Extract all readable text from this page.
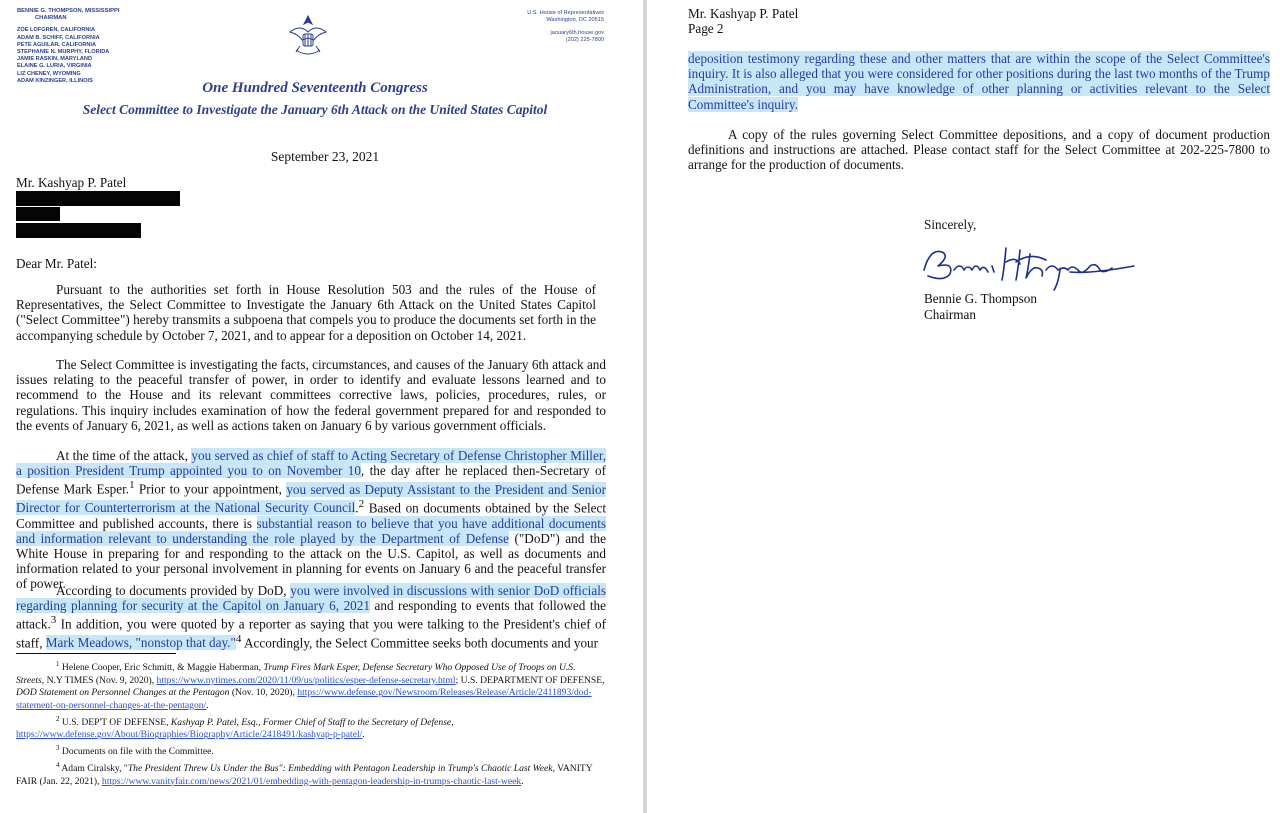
BENNIE G. THOMPSON, MISSISSIPPI
CHAIRMAN
ZOE LOFGREN, CALIFORNIA
ADAM B. SCHIFF, CALIFORNIA
PETE AGUILAR, CALIFORNIA
STEPHANIE N. MURPHY, FLORIDA
JAMIE RASKIN, MARYLAND
ELAINE G. LURIA, VIRGINIA
LIZ CHENEY, WYOMING
ADAM KINZINGER, ILLINOIS
U.S. House of Representatives
Washington, DC 20515
january6th.house.gov
(202) 225-7800
One Hundred Seventeenth Congress
Select Committee to Investigate the January 6th Attack on the United States Capitol
September 23, 2021
Mr. Kashyap P. Patel
Dear Mr. Patel:
Pursuant to the authorities set forth in House Resolution 503 and the rules of the House of Representatives, the Select Committee to Investigate the January 6th Attack on the United States Capitol ("Select Committee") hereby transmits a subpoena that compels you to produce the documents set forth in the accompanying schedule by October 7, 2021, and to appear for a deposition on October 14, 2021.
The Select Committee is investigating the facts, circumstances, and causes of the January 6th attack and issues relating to the peaceful transfer of power, in order to identify and evaluate lessons learned and to recommend to the House and its relevant committees corrective laws, policies, procedures, rules, or regulations. This inquiry includes examination of how the federal government prepared for and responded to the events of January 6, 2021, as well as actions taken on January 6 by various government officials.
At the time of the attack, you served as chief of staff to Acting Secretary of Defense Christopher Miller, a position President Trump appointed you to on November 10, the day after he replaced then-Secretary of Defense Mark Esper.$^1$ Prior to your appointment, you served as Deputy Assistant to the President and Senior Director for Counterterrorism at the National Security Council.$^2$ Based on documents obtained by the Select Committee and published accounts, there is substantial reason to believe that you have additional documents and information relevant to understanding the role played by the Department of Defense ("DoD") and the White House in preparing for and responding to the attack on the U.S. Capitol, as well as documents and information related to your personal involvement in planning for events on January 6 and the peaceful transfer of power.
According to documents provided by DoD, you were involved in discussions with senior DoD officials regarding planning for security at the Capitol on January 6, 2021 and responding to events that followed the attack.$^3$ In addition, you were quoted by a reporter as saying that you were talking to the President's chief of staff, Mark Meadows, "nonstop that day."$^4$ Accordingly, the Select Committee seeks both documents and your
$^1$ Helene Cooper, Eric Schmitt, & Maggie Haberman, Trump Fires Mark Esper, Defense Secretary Who Opposed Use of Troops on U.S. Streets, N.Y TIMES (Nov. 9, 2020), https://www.nytimes.com/2020/11/09/us/politics/esper-defense-secretary.html; U.S. DEPARTMENT OF DEFENSE, DOD Statement on Personnel Changes at the Pentagon (Nov. 10, 2020), https://www.defense.gov/Newsroom/Releases/Release/Article/2411893/dod-statement-on-personnel-changes-at-the-pentagon/.
$^2$ U.S. DEP'T OF DEFENSE, Kashyap P. Patel, Esq., Former Chief of Staff to the Secretary of Defense, https://www.defense.gov/About/Biographies/Biography/Article/2418491/kashyap-p-patel/.
$^3$ Documents on file with the Committee.
$^4$ Adam Ciralsky, "The President Threw Us Under the Bus": Embedding with Pentagon Leadership in Trump's Chaotic Last Week, VANITY FAIR (Jan. 22, 2021), https://www.vanityfair.com/news/2021/01/embedding-with-pentagon-leadership-in-trumps-chaotic-last-week.
Mr. Kashyap P. Patel
Page 2
deposition testimony regarding these and other matters that are within the scope of the Select Committee's inquiry. It is also alleged that you were considered for other positions during the last two months of the Trump Administration, and you may have knowledge of other planning or activities relevant to the Select Committee's inquiry.
A copy of the rules governing Select Committee depositions, and a copy of document production definitions and instructions are attached. Please contact staff for the Select Committee at 202-225-7800 to arrange for the production of documents.
Sincerely,
Bennie G. Thompson
Chairman
